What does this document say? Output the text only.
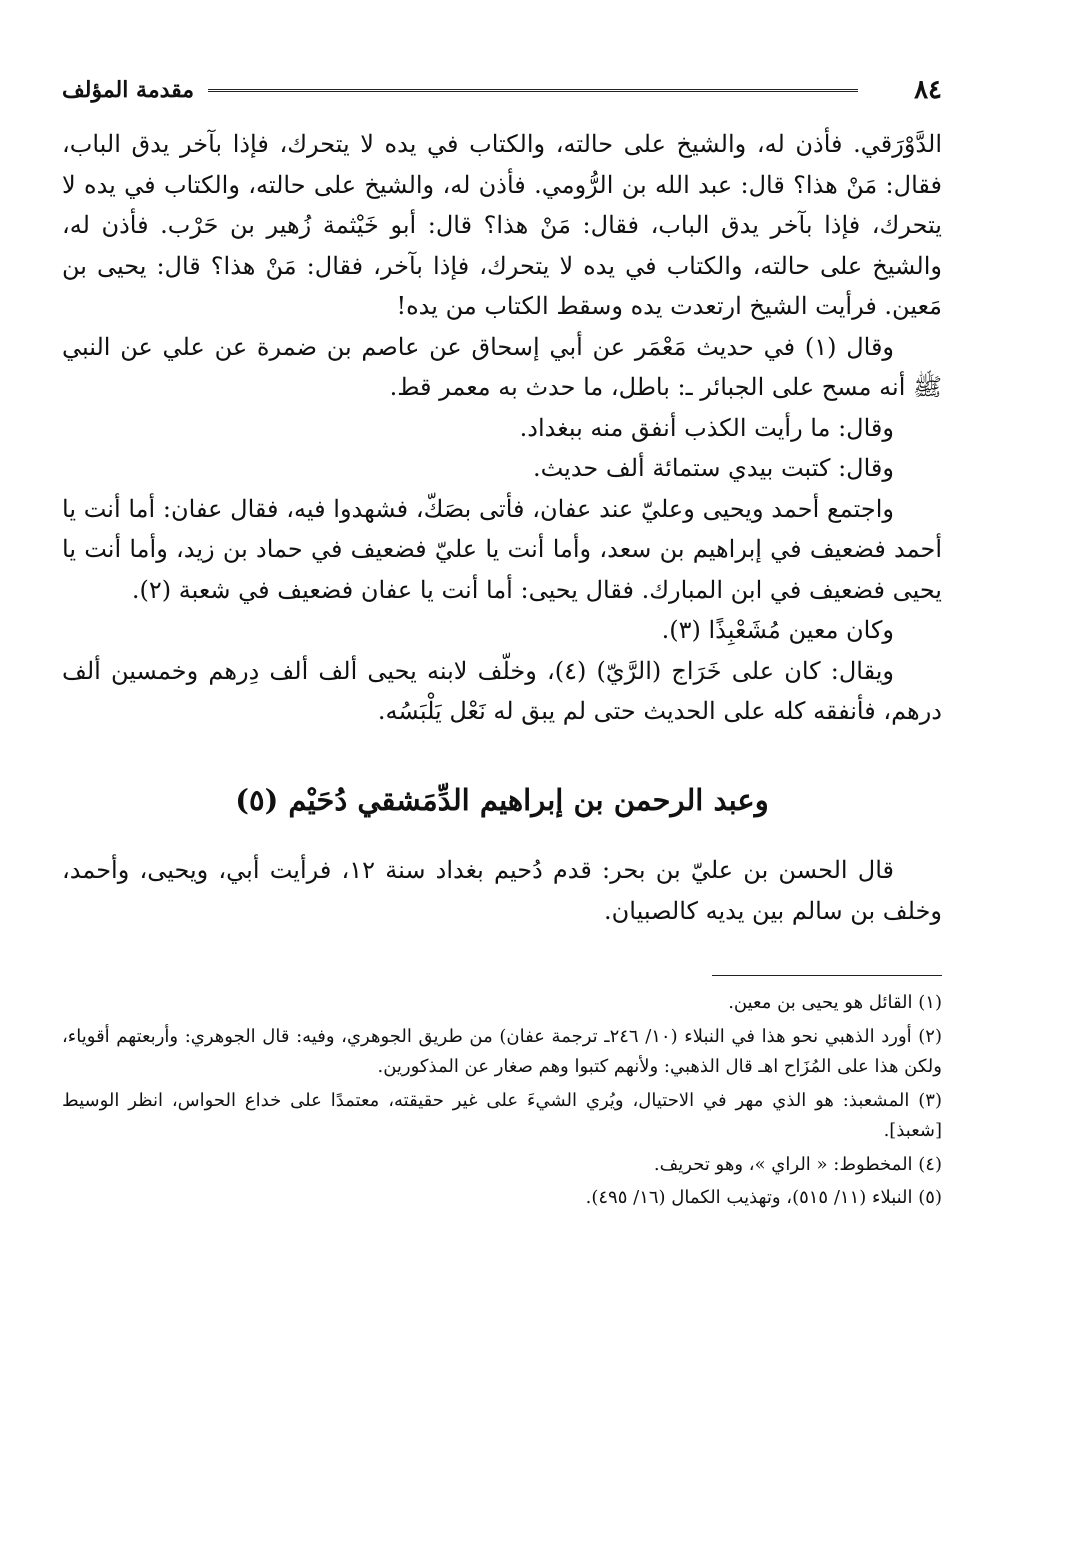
٨٤
مقدمة المؤلف

الدَّوْرَقي. فأذن له، والشيخ على حالته، والكتاب في يده لا يتحرك، فإذا بآخر يدق الباب، فقال: مَنْ هذا؟ قال: عبد الله بن الرُّومي. فأذن له، والشيخ على حالته، والكتاب في يده لا يتحرك، فإذا بآخر يدق الباب، فقال: مَنْ هذا؟ قال: أبو خَيْثمة زُهير بن حَرْب. فأذن له، والشيخ على حالته، والكتاب في يده لا يتحرك، فإذا بآخر، فقال: مَنْ هذا؟ قال: يحيى بن مَعين. فرأيت الشيخ ارتعدت يده وسقط الكتاب من يده!

وقال (١) في حديث مَعْمَر عن أبي إسحاق عن عاصم بن ضمرة عن علي عن النبي ﷺ أنه مسح على الجبائر ـ: باطل، ما حدث به معمر قط.

وقال: ما رأيت الكذب أنفق منه ببغداد.

وقال: كتبت بيدي ستمائة ألف حديث.

واجتمع أحمد ويحيى وعليّ عند عفان، فأتى بصَكّ، فشهدوا فيه، فقال عفان: أما أنت يا أحمد فضعيف في إبراهيم بن سعد، وأما أنت يا عليّ فضعيف في حماد بن زيد، وأما أنت يا يحيى فضعيف في ابن المبارك. فقال يحيى: أما أنت يا عفان فضعيف في شعبة (٢).

وكان معين مُشَعْبِذًا (٣).

ويقال: كان على خَرَاج (الرَّيّ) (٤)، وخلّف لابنه يحيى ألف ألف دِرهم وخمسين ألف درهم، فأنفقه كله على الحديث حتى لم يبق له نَعْل يَلْبَسُه.

وعبد الرحمن بن إبراهيم الدِّمَشقي دُحَيْم (٥)

قال الحسن بن عليّ بن بحر: قدم دُحيم بغداد سنة ١٢، فرأيت أبي، ويحيى، وأحمد، وخلف بن سالم بين يديه كالصبيان.

(١) القائل هو يحيى بن معين.

(٢) أورد الذهبي نحو هذا في النبلاء (١٠/ ٢٤٦ـ ترجمة عفان) من طريق الجوهري، وفيه: قال الجوهري: وأربعتهم أقوياء، ولكن هذا على المُزَاح اهـ قال الذهبي: ولأنهم كتبوا وهم صغار عن المذكورين.

(٣) المشعبذ: هو الذي مهر في الاحتيال، ويُري الشيءَ على غير حقيقته، معتمدًا على خداع الحواس، انظر الوسيط [شعبذ].

(٤) المخطوط: « الراي »، وهو تحريف.

(٥) النبلاء (١١/ ٥١٥)، وتهذيب الكمال (١٦/ ٤٩٥).
